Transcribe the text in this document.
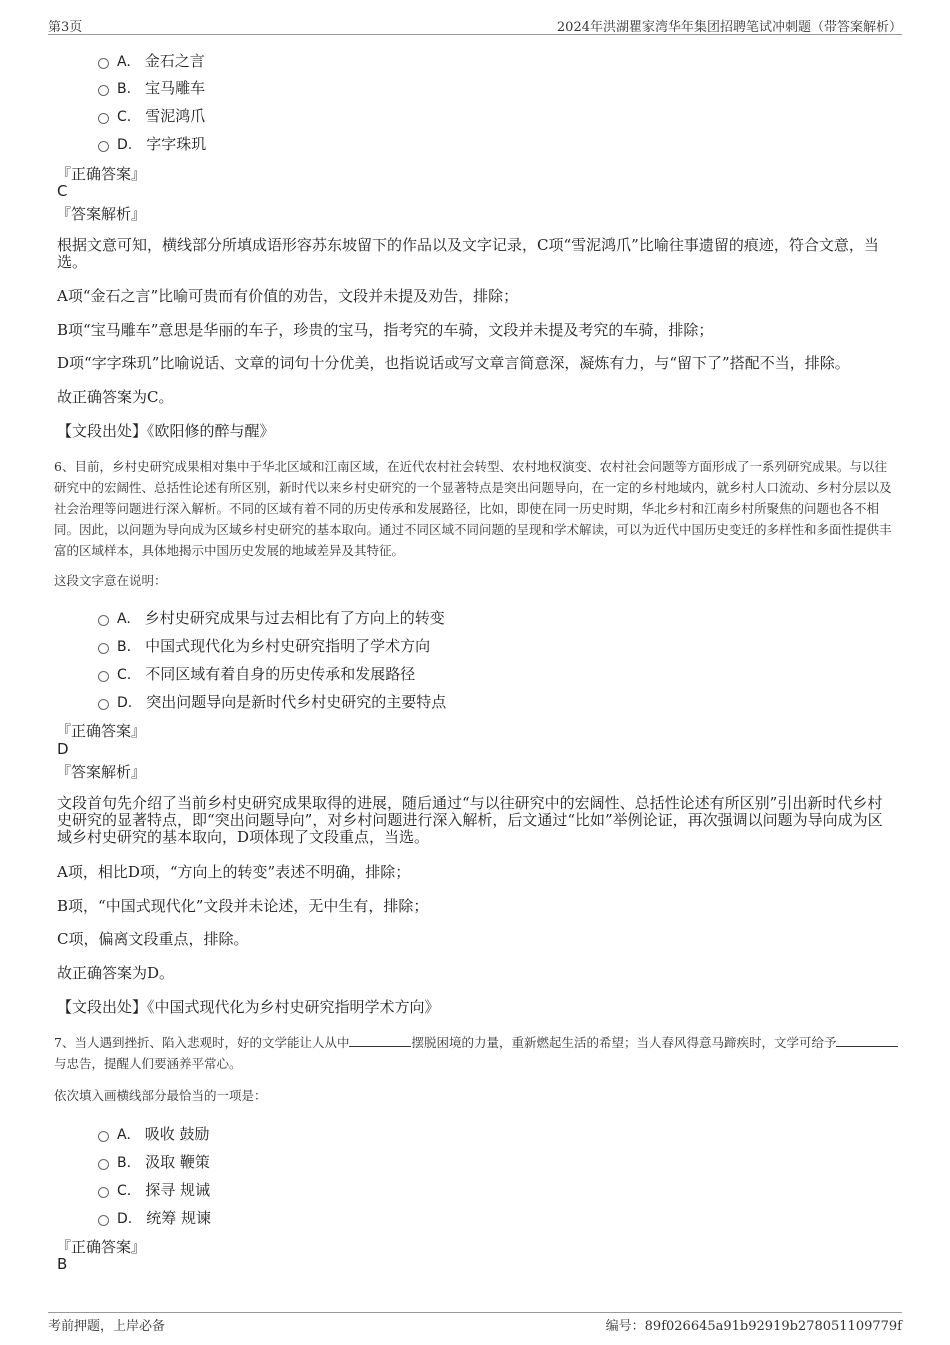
第3页	2024年洪湖瞿家湾华年集团招聘笔试冲刺题（带答案解析）
A. 金石之言
B. 宝马雕车
C. 雪泥鸿爪
D. 字字珠玑
『正确答案』
C
『答案解析』
根据文意可知，横线部分所填成语形容苏东坡留下的作品以及文字记录，C项“雪泥鸿爪”比喻往事遗留的痕迹，符合文意，当选。
A项“金石之言”比喻可贵而有价值的劝告，文段并未提及劝告，排除；
B项“宝马雕车”意思是华丽的车子，珍贵的宝马，指考究的车骑，文段并未提及考究的车骑，排除；
D项“字字珠玑”比喻说话、文章的词句十分优美，也指说话或写文章言简意深，凝炼有力，与“留下了”搭配不当，排除。
故正确答案为C。
【文段出处】《欧阳修的醉与醒》
6、目前，乡村史研究成果相对集中于华北区域和江南区域，在近代农村社会转型、农村地权演变、农村社会问题等方面形成了一系列研究成果。与以往研究中的宏阔性、总括性论述有所区别，新时代以来乡村史研究的一个显著特点是突出问题导向，在一定的乡村地域内，就乡村人口流动、乡村分层以及社会治理等问题进行深入解析。不同的区域有着不同的历史传承和发展路径，比如，即使在同一历史时期，华北乡村和江南乡村所聚焦的问题也各不相同。因此，以问题为导向成为区域乡村史研究的基本取向。通过不同区域不同问题的呈现和学术解读，可以为近代中国历史变迁的多样性和多面性提供丰富的区域样本，具体地揭示中国历史发展的地域差异及其特征。
这段文字意在说明：
A. 乡村史研究成果与过去相比有了方向上的转变
B. 中国式现代化为乡村史研究指明了学术方向
C. 不同区域有着自身的历史传承和发展路径
D. 突出问题导向是新时代乡村史研究的主要特点
『正确答案』
D
『答案解析』
文段首句先介绍了当前乡村史研究成果取得的进展，随后通过“与以往研究中的宏阔性、总括性论述有所区别”引出新时代乡村史研究的显著特点，即“突出问题导向”，对乡村问题进行深入解析，后文通过“比如”举例论证，再次强调以问题为导向成为区域乡村史研究的基本取向，D项体现了文段重点，当选。
A项，相比D项，“方向上的转变”表述不明确，排除；
B项，“中国式现代化”文段并未论述，无中生有，排除；
C项，偏离文段重点，排除。
故正确答案为D。
【文段出处】《中国式现代化为乡村史研究指明学术方向》
7、当人遇到挫折、陷入悲观时，好的文学能让人从中	摆脱困境的力量，重新燃起生活的希望；当人春风得意马蹄疾时，文学可给予与忠告，提醒人们要涵养平常心。
依次填入画横线部分最恰当的一项是：
A. 吸收 鼓励
B. 汲取 鞭策
C. 探寻 规诫
D. 统筹 规谏
『正确答案』
B
考前押题，上岸必备	编号：89f026645a91b92919b278051109779f
